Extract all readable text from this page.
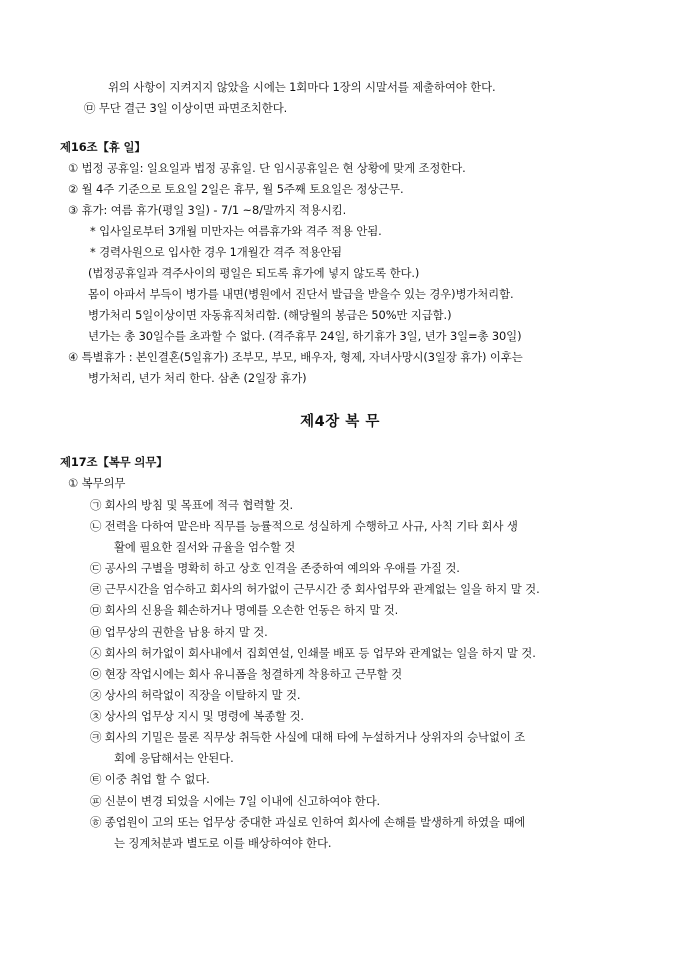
위의 사항이 지켜지지 않았을 시에는 1회마다 1장의 시말서를 제출하여야 한다.
㉤ 무단 결근 3일 이상이면 파면조치한다.
제16조【휴 일】
① 법정 공휴일: 일요일과 법정 공휴일. 단 임시공휴일은 현 상황에 맞게 조정한다.
② 월 4주 기준으로 토요일 2일은 휴무, 월 5주째 토요일은 정상근무.
③ 휴가: 여름 휴가(평일 3일) - 7/1 ~8/말까지 적용시킴.
* 입사일로부터 3개월 미만자는 여름휴가와 격주 적용 안됨.
* 경력사원으로 입사한 경우 1개월간 격주 적용안됨
(법정공휴일과 격주사이의 평일은 되도록 휴가에 넣지 않도록 한다.)
몸이 아파서 부득이 병가를 내면(병원에서 진단서 발급을 받을수 있는 경우)병가처리함.
병가처리 5일이상이면 자동휴직처리함. (해당월의 봉급은 50%만 지급함.)
년가는 총 30일수를 초과할 수 없다. (격주휴무 24일, 하기휴가 3일, 년가 3일=총 30일)
④ 특별휴가 : 본인결혼(5일휴가) 조부모, 부모, 배우자, 형제, 자녀사망시(3일장 휴가) 이후는
병가처리, 년가 처리 한다. 삼촌 (2일장 휴가)
제4장 복 무
제17조【복무 의무】
① 복무의무
㉠ 회사의 방침 및 목표에 적극 협력할 것.
㉡ 전력을 다하여 맡은바 직무를 능률적으로 성실하게 수행하고 사규, 사칙 기타 회사 생
활에 필요한 질서와 규율을 엄수할 것
㉢ 공사의 구별을 명확히 하고 상호 인격을 존중하여 예의와 우애를 가질 것.
㉣ 근무시간을 엄수하고 회사의 허가없이 근무시간 중 회사업무와 관계없는 일을 하지 말 것.
㉤ 회사의 신용을 훼손하거나 명예를 오손한 언동은 하지 말 것.
㉥ 업무상의 권한을 남용 하지 말 것.
㉦ 회사의 허가없이 회사내에서 집회연설, 인쇄물 배포 등 업무와 관계없는 일을 하지 말 것.
㉧ 현장 작업시에는 회사 유니폼을 청결하게 착용하고 근무할 것
㉨ 상사의 허락없이 직장을 이탈하지 말 것.
㉩ 상사의 업무상 지시 및 명령에 복종할 것.
㉪ 회사의 기밀은 물론 직무상 취득한 사실에 대해 타에 누설하거나 상위자의 승낙없이 조
회에 응답해서는 안된다.
㉫ 이중 취업 할 수 없다.
㉬ 신분이 변경 되었을 시에는 7일 이내에 신고하여야 한다.
㉭ 종업원이 고의 또는 업무상 중대한 과실로 인하여 회사에 손해를 발생하게 하였을 때에
는 징계처분과 별도로 이를 배상하여야 한다.
